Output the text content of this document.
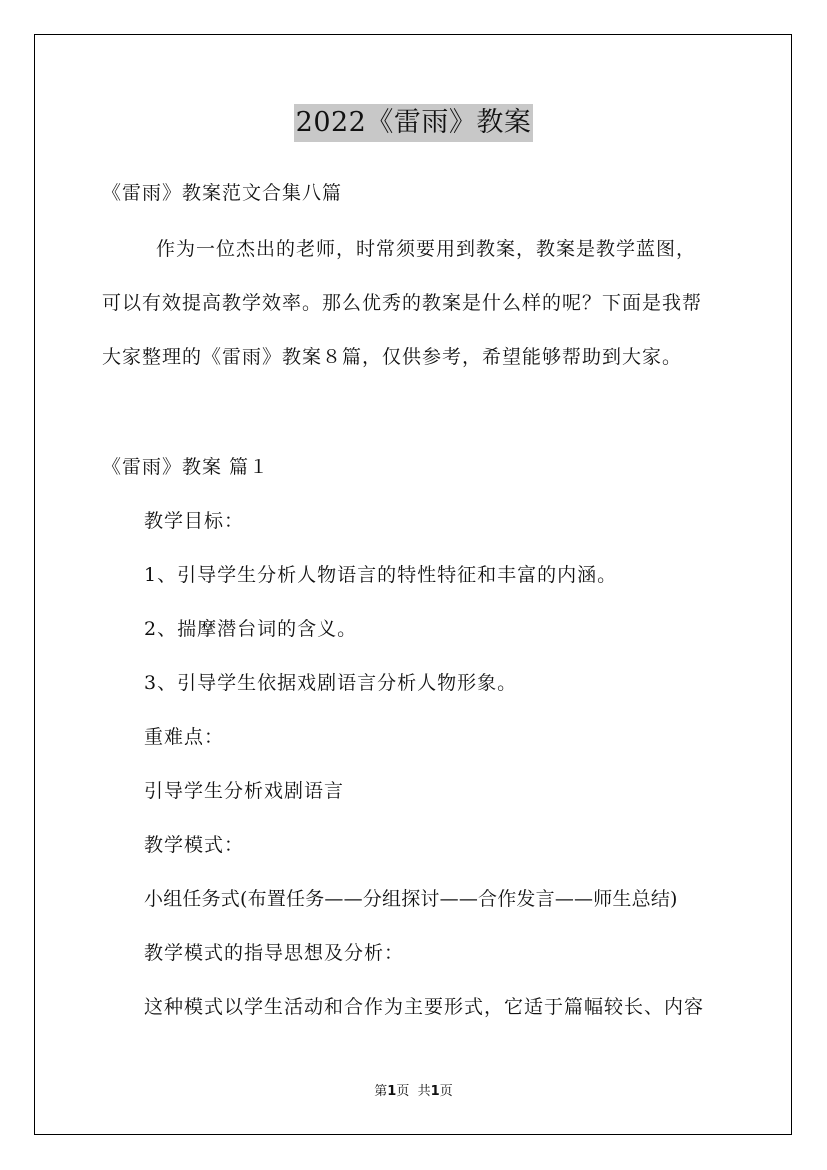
2022《雷雨》教案
《雷雨》教案范文合集八篇
作为一位杰出的老师，时常须要用到教案，教案是教学蓝图，
可以有效提高教学效率。那么优秀的教案是什么样的呢？下面是我帮
大家整理的《雷雨》教案８篇，仅供参考，希望能够帮助到大家。
《雷雨》教案 篇１
教学目标：
1、引导学生分析人物语言的特性特征和丰富的内涵。
2、揣摩潜台词的含义。
3、引导学生依据戏剧语言分析人物形象。
重难点：
引导学生分析戏剧语言
教学模式：
小组任务式(布置任务——分组探讨——合作发言——师生总结)
教学模式的指导思想及分析：
这种模式以学生活动和合作为主要形式，它适于篇幅较长、内容
第1页 共1页
